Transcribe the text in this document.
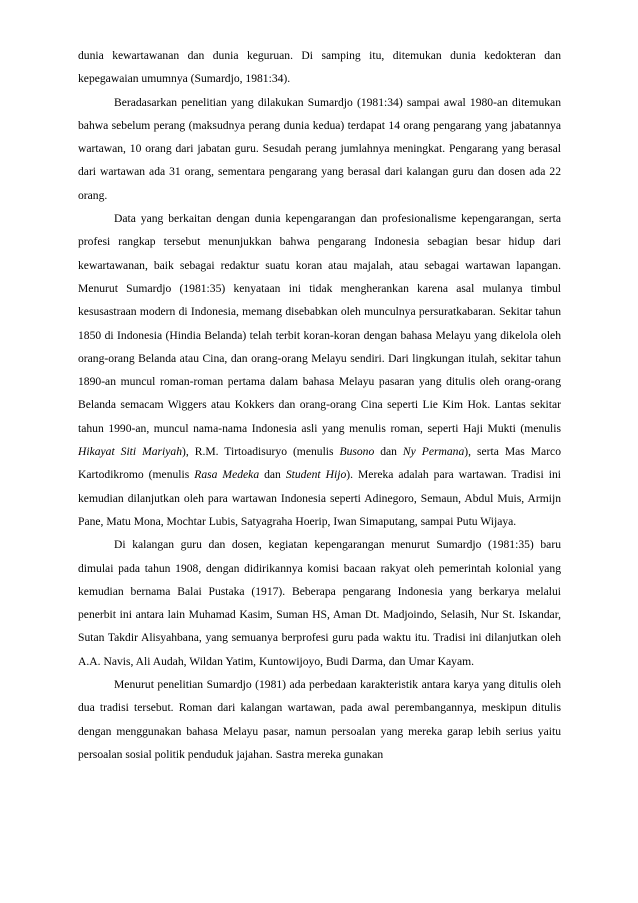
dunia kewartawanan dan dunia keguruan. Di samping itu, ditemukan dunia kedokteran dan kepegawaian umumnya (Sumardjo, 1981:34).

Beradasarkan penelitian yang dilakukan Sumardjo (1981:34) sampai awal 1980-an ditemukan bahwa sebelum perang (maksudnya perang dunia kedua) terdapat 14 orang pengarang yang jabatannya wartawan, 10 orang dari jabatan guru. Sesudah perang jumlahnya meningkat. Pengarang yang berasal dari wartawan ada 31 orang, sementara pengarang yang berasal dari kalangan guru dan dosen ada 22 orang.

Data yang berkaitan dengan dunia kepengarangan dan profesionalisme kepengarangan, serta profesi rangkap tersebut menunjukkan bahwa pengarang Indonesia sebagian besar hidup dari kewartawanan, baik sebagai redaktur suatu koran atau majalah, atau sebagai wartawan lapangan. Menurut Sumardjo (1981:35) kenyataan ini tidak mengherankan karena asal mulanya timbul kesusastraan modern di Indonesia, memang disebabkan oleh munculnya persuratkabaran. Sekitar tahun 1850 di Indonesia (Hindia Belanda) telah terbit koran-koran dengan bahasa Melayu yang dikelola oleh orang-orang Belanda atau Cina, dan orang-orang Melayu sendiri. Dari lingkungan itulah, sekitar tahun 1890-an muncul roman-roman pertama dalam bahasa Melayu pasaran yang ditulis oleh orang-orang Belanda semacam Wiggers atau Kokkers dan orang-orang Cina seperti Lie Kim Hok. Lantas sekitar tahun 1990-an, muncul nama-nama Indonesia asli yang menulis roman, seperti Haji Mukti (menulis Hikayat Siti Mariyah), R.M. Tirtoadisuryo (menulis Busono dan Ny Permana), serta Mas Marco Kartodikromo (menulis Rasa Medeka dan Student Hijo). Mereka adalah para wartawan. Tradisi ini kemudian dilanjutkan oleh para wartawan Indonesia seperti Adinegoro, Semaun, Abdul Muis, Armijn Pane, Matu Mona, Mochtar Lubis, Satyagraha Hoerip, Iwan Simaputang, sampai Putu Wijaya.

Di kalangan guru dan dosen, kegiatan kepengarangan menurut Sumardjo (1981:35) baru dimulai pada tahun 1908, dengan didirikannya komisi bacaan rakyat oleh pemerintah kolonial yang kemudian bernama Balai Pustaka (1917). Beberapa pengarang Indonesia yang berkarya melalui penerbit ini antara lain Muhamad Kasim, Suman HS, Aman Dt. Madjoindo, Selasih, Nur St. Iskandar, Sutan Takdir Alisyahbana, yang semuanya berprofesi guru pada waktu itu. Tradisi ini dilanjutkan oleh A.A. Navis, Ali Audah, Wildan Yatim, Kuntowijoyo, Budi Darma, dan Umar Kayam.

Menurut penelitian Sumardjo (1981) ada perbedaan karakteristik antara karya yang ditulis oleh dua tradisi tersebut. Roman dari kalangan wartawan, pada awal perembangannya, meskipun ditulis dengan menggunakan bahasa Melayu pasar, namun persoalan yang mereka garap lebih serius yaitu persoalan sosial politik penduduk jajahan. Sastra mereka gunakan
